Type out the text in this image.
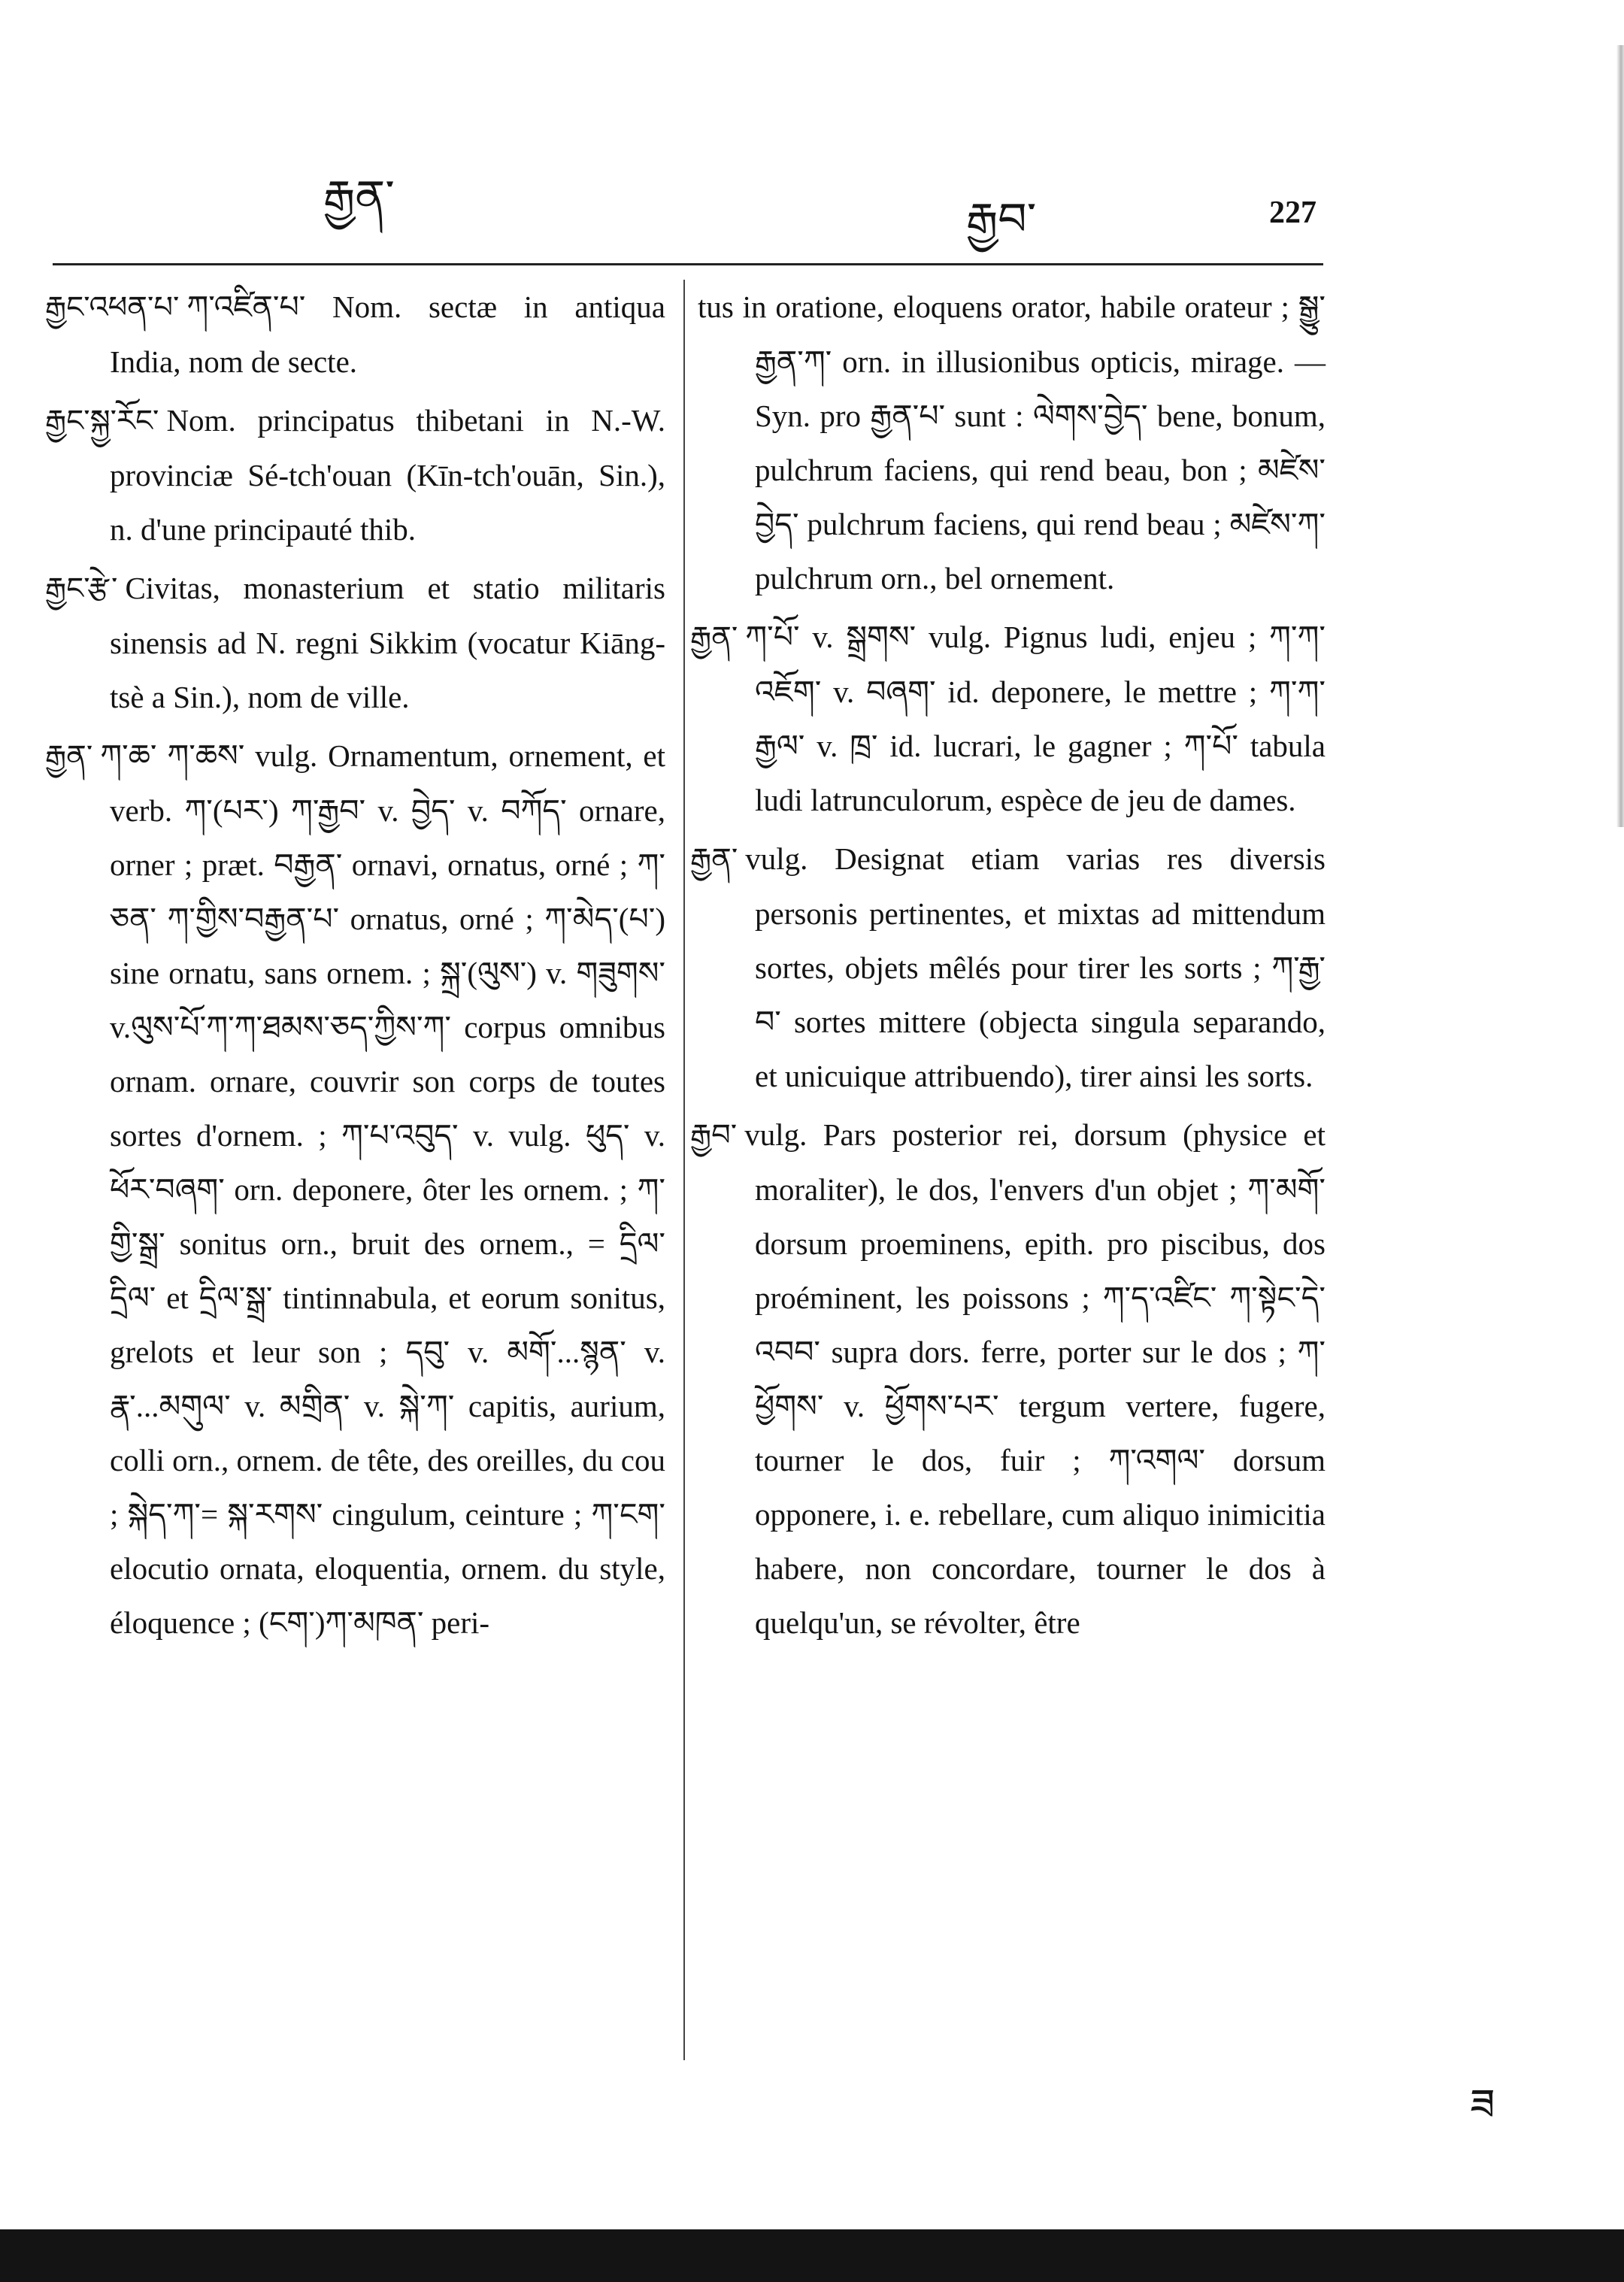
རྒྱན་	རྒྱབ་	227

རྒྱང་འཕན་པ་ ཀ་འཛིན་པ་ Nom. sectæ in antiqua India, nom de secte.

རྒྱང་སྐྱ་རོང་ Nom. principatus thibetani in N.-W. provinciæ Sé-tch'ouan (Kīn-tch'ouān, Sin.), n. d'une principauté thib.

རྒྱང་རྩེ་ Civitas, monasterium et statio militaris sinensis ad N. regni Sikkim (vocatur Kiāng-tsè a Sin.), nom de ville.

རྒྱན་ ཀ་ཆ་ ཀ་ཆས་ vulg. Ornamentum, ornement, et verb. ཀ་(པར་) ཀ་རྒྱབ་ v. བྱེད་ v. བཀོད་ ornare, orner ; præt. བརྒྱན་ ornavi, ornatus, orné ; ཀ་ཅན་ ཀ་གྱིས་བརྒྱན་པ་ ornatus, orné ; ཀ་མེད་(པ་) sine ornatu, sans ornem. ; སྐྲ་(ལུས་) v. གཟུགས་v.ལུས་པོ་ཀ་ཀ་ཐམས་ཅད་ཀྱིས་ཀ་ corpus omnibus ornam. ornare, couvrir son corps de toutes sortes d'ornem. ; ཀ་པ་འབུད་ v. vulg. ཕུད་ v. ཕོར་བཞག་ orn. deponere, ôter les ornem. ; ཀ་གྱི་སྒྲ་ sonitus orn., bruit des ornem., = དྲིལ་ དྲིལ་ et དྲིལ་སྒྲ་ tintinnabula, et eorum sonitus, grelots et leur son ; དབུ་ v. མགོ་...སྙན་ v. རྣ་...མགུལ་ v. མགྲིན་ v. སྐེ་ཀ་ capitis, aurium, colli orn., ornem. de tête, des oreilles, du cou ; སྐེད་ཀ་= སྐ་རགས་ cingulum, ceinture ; ཀ་ངག་ elocutio ornata, eloquentia, ornem. du style, éloquence ; (ངག་)ཀ་མཁན་ peri-

tus in oratione, eloquens orator, habile orateur ; སྒྱུ་རྒྱན་ཀ་ orn. in illusionibus opticis, mirage. — Syn. pro རྒྱན་པ་ sunt : ལེགས་བྱེད་ bene, bonum, pulchrum faciens, qui rend beau, bon ; མཛེས་ བྱེད་ pulchrum faciens, qui rend beau ; མཛེས་ཀ་ pulchrum orn., bel ornement.

རྒྱན་ ཀ་པོ་ v. སྒྲགས་ vulg. Pignus ludi, enjeu ; ཀ་ཀ་ འཇོག་ v. བཞག་ id. deponere, le mettre ; ཀ་ཀ་རྒྱལ་ v. ཁྲ་ id. lucrari, le gagner ; ཀ་པོ་ tabula ludi latrunculorum, espèce de jeu de dames.

རྒྱན་ vulg. Designat etiam varias res diversis personis pertinentes, et mixtas ad mittendum sortes, objets mêlés pour tirer les sorts ; ཀ་རྒྱ་བ་ sortes mittere (objecta singula separando, et unicuique attribuendo), tirer ainsi les sorts.

རྒྱབ་ vulg. Pars posterior rei, dorsum (physice et moraliter), le dos, l'envers d'un objet ; ཀ་མགོ་ dorsum proeminens, epith. pro piscibus, dos proéminent, les poissons ; ཀ་ད་འཛིང་ ཀ་སྟེང་དེ་འབབ་ supra dors. ferre, porter sur le dos ; ཀ་ཕྱོགས་ v. ཕྱོགས་པར་ tergum vertere, fugere, tourner le dos, fuir ; ཀ་འགལ་ dorsum opponere, i. e. rebellare, cum aliquo inimicitia habere, non concordare, tourner le dos à quelqu'un, se révolter, être

ཟ
